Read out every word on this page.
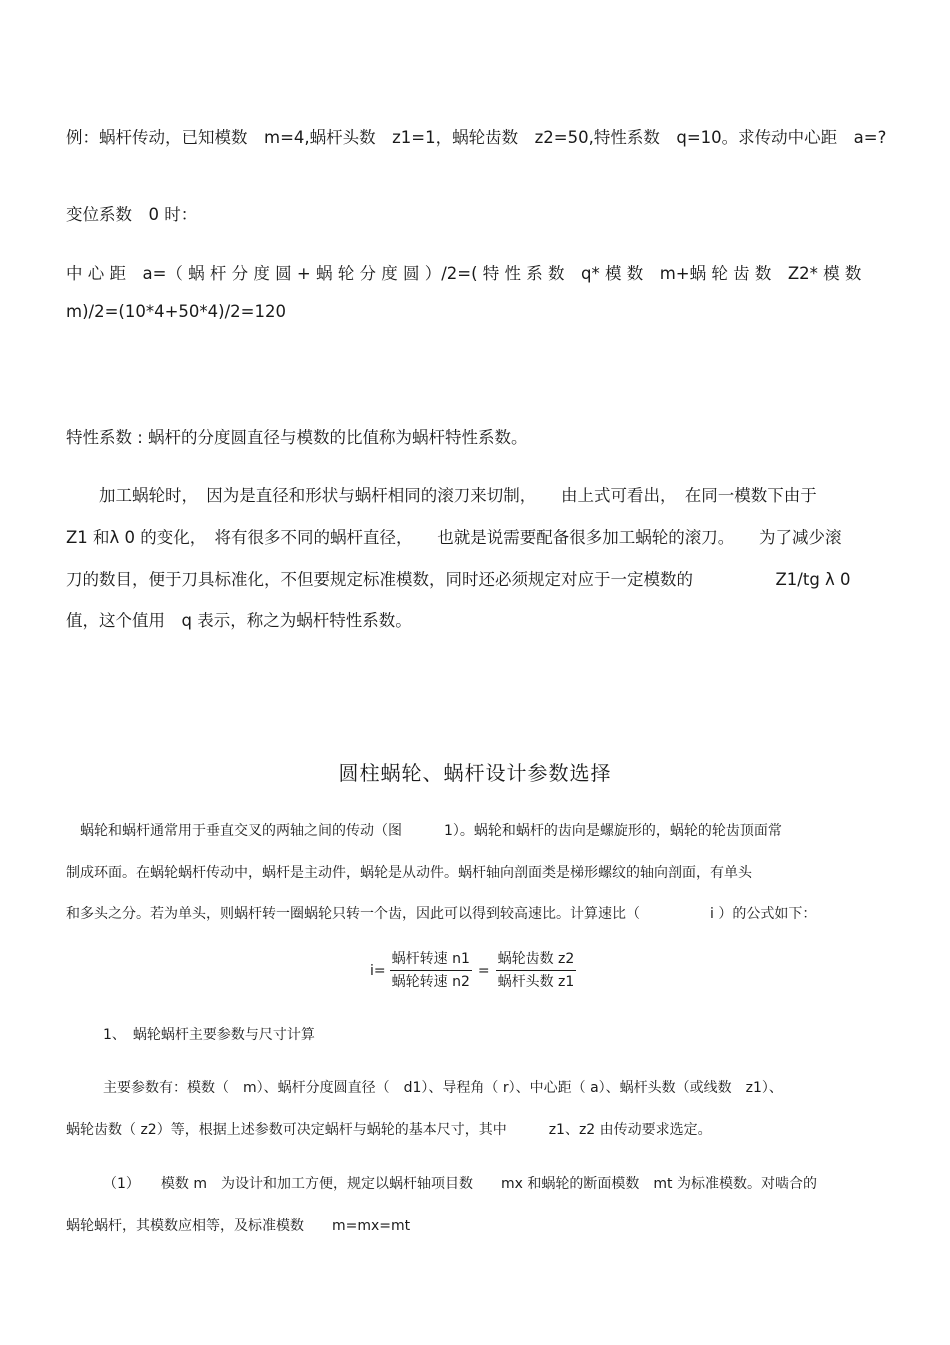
例：蜗杆传动，已知模数　m=4,蜗杆头数　z1=1，蜗轮齿数　z2=50,特性系数　q=10。求传动中心距　a=?
变位系数　0 时：
中 心 距　a=（ 蜗 杆 分 度 圆 + 蜗 轮 分 度 圆 ）/2=( 特 性 系 数　q* 模 数　m+蜗 轮 齿 数　Z2* 模 数
m)/2=(10*4+50*4)/2=120
特性系数 : 蜗杆的分度圆直径与模数的比值称为蜗杆特性系数。
　　加工蜗轮时，　因为是直径和形状与蜗杆相同的滚刀来切制，　　由上式可看出，　在同一模数下由于
Z1 和λ 0 的变化，　将有很多不同的蜗杆直径，　　也就是说需要配备很多加工蜗轮的滚刀。　　为了减少滚
刀的数目，便于刀具标准化，不但要规定标准模数，同时还必须规定对应于一定模数的　　　　　Z1/tg λ 0
值，这个值用　q 表示，称之为蜗杆特性系数。
圆柱蜗轮、蜗杆设计参数选择
　蜗轮和蜗杆通常用于垂直交叉的两轴之间的传动（图　　　1）。蜗轮和蜗杆的齿向是螺旋形的，蜗轮的轮齿顶面常
制成环面。在蜗轮蜗杆传动中，蜗杆是主动件，蜗轮是从动件。蜗杆轴向剖面类是梯形螺纹的轴向剖面，有单头
和多头之分。若为单头，则蜗杆转一圈蜗轮只转一个齿，因此可以得到较高速比。计算速比（　　　　　i ）的公式如下：
$i= \frac{\text{蜗杆转速 n1}}{\text{蜗轮转速 n2}} = \frac{\text{蜗轮齿数 z2}}{\text{蜗杆头数 z1}}$
1、　蜗轮蜗杆主要参数与尺寸计算
主要参数有：模数（　m）、蜗杆分度圆直径（　d1）、导程角（ r）、中心距（ a）、蜗杆头数（或线数　z1）、
蜗轮齿数（ z2）等，根据上述参数可决定蜗杆与蜗轮的基本尺寸，其中　　　z1、z2 由传动要求选定。
（1）　　模数 m　为设计和加工方便，规定以蜗杆轴项目数　　mx 和蜗轮的断面模数　mt 为标准模数。对啮合的
蜗轮蜗杆，其模数应相等，及标准模数　　m=mx=mt
